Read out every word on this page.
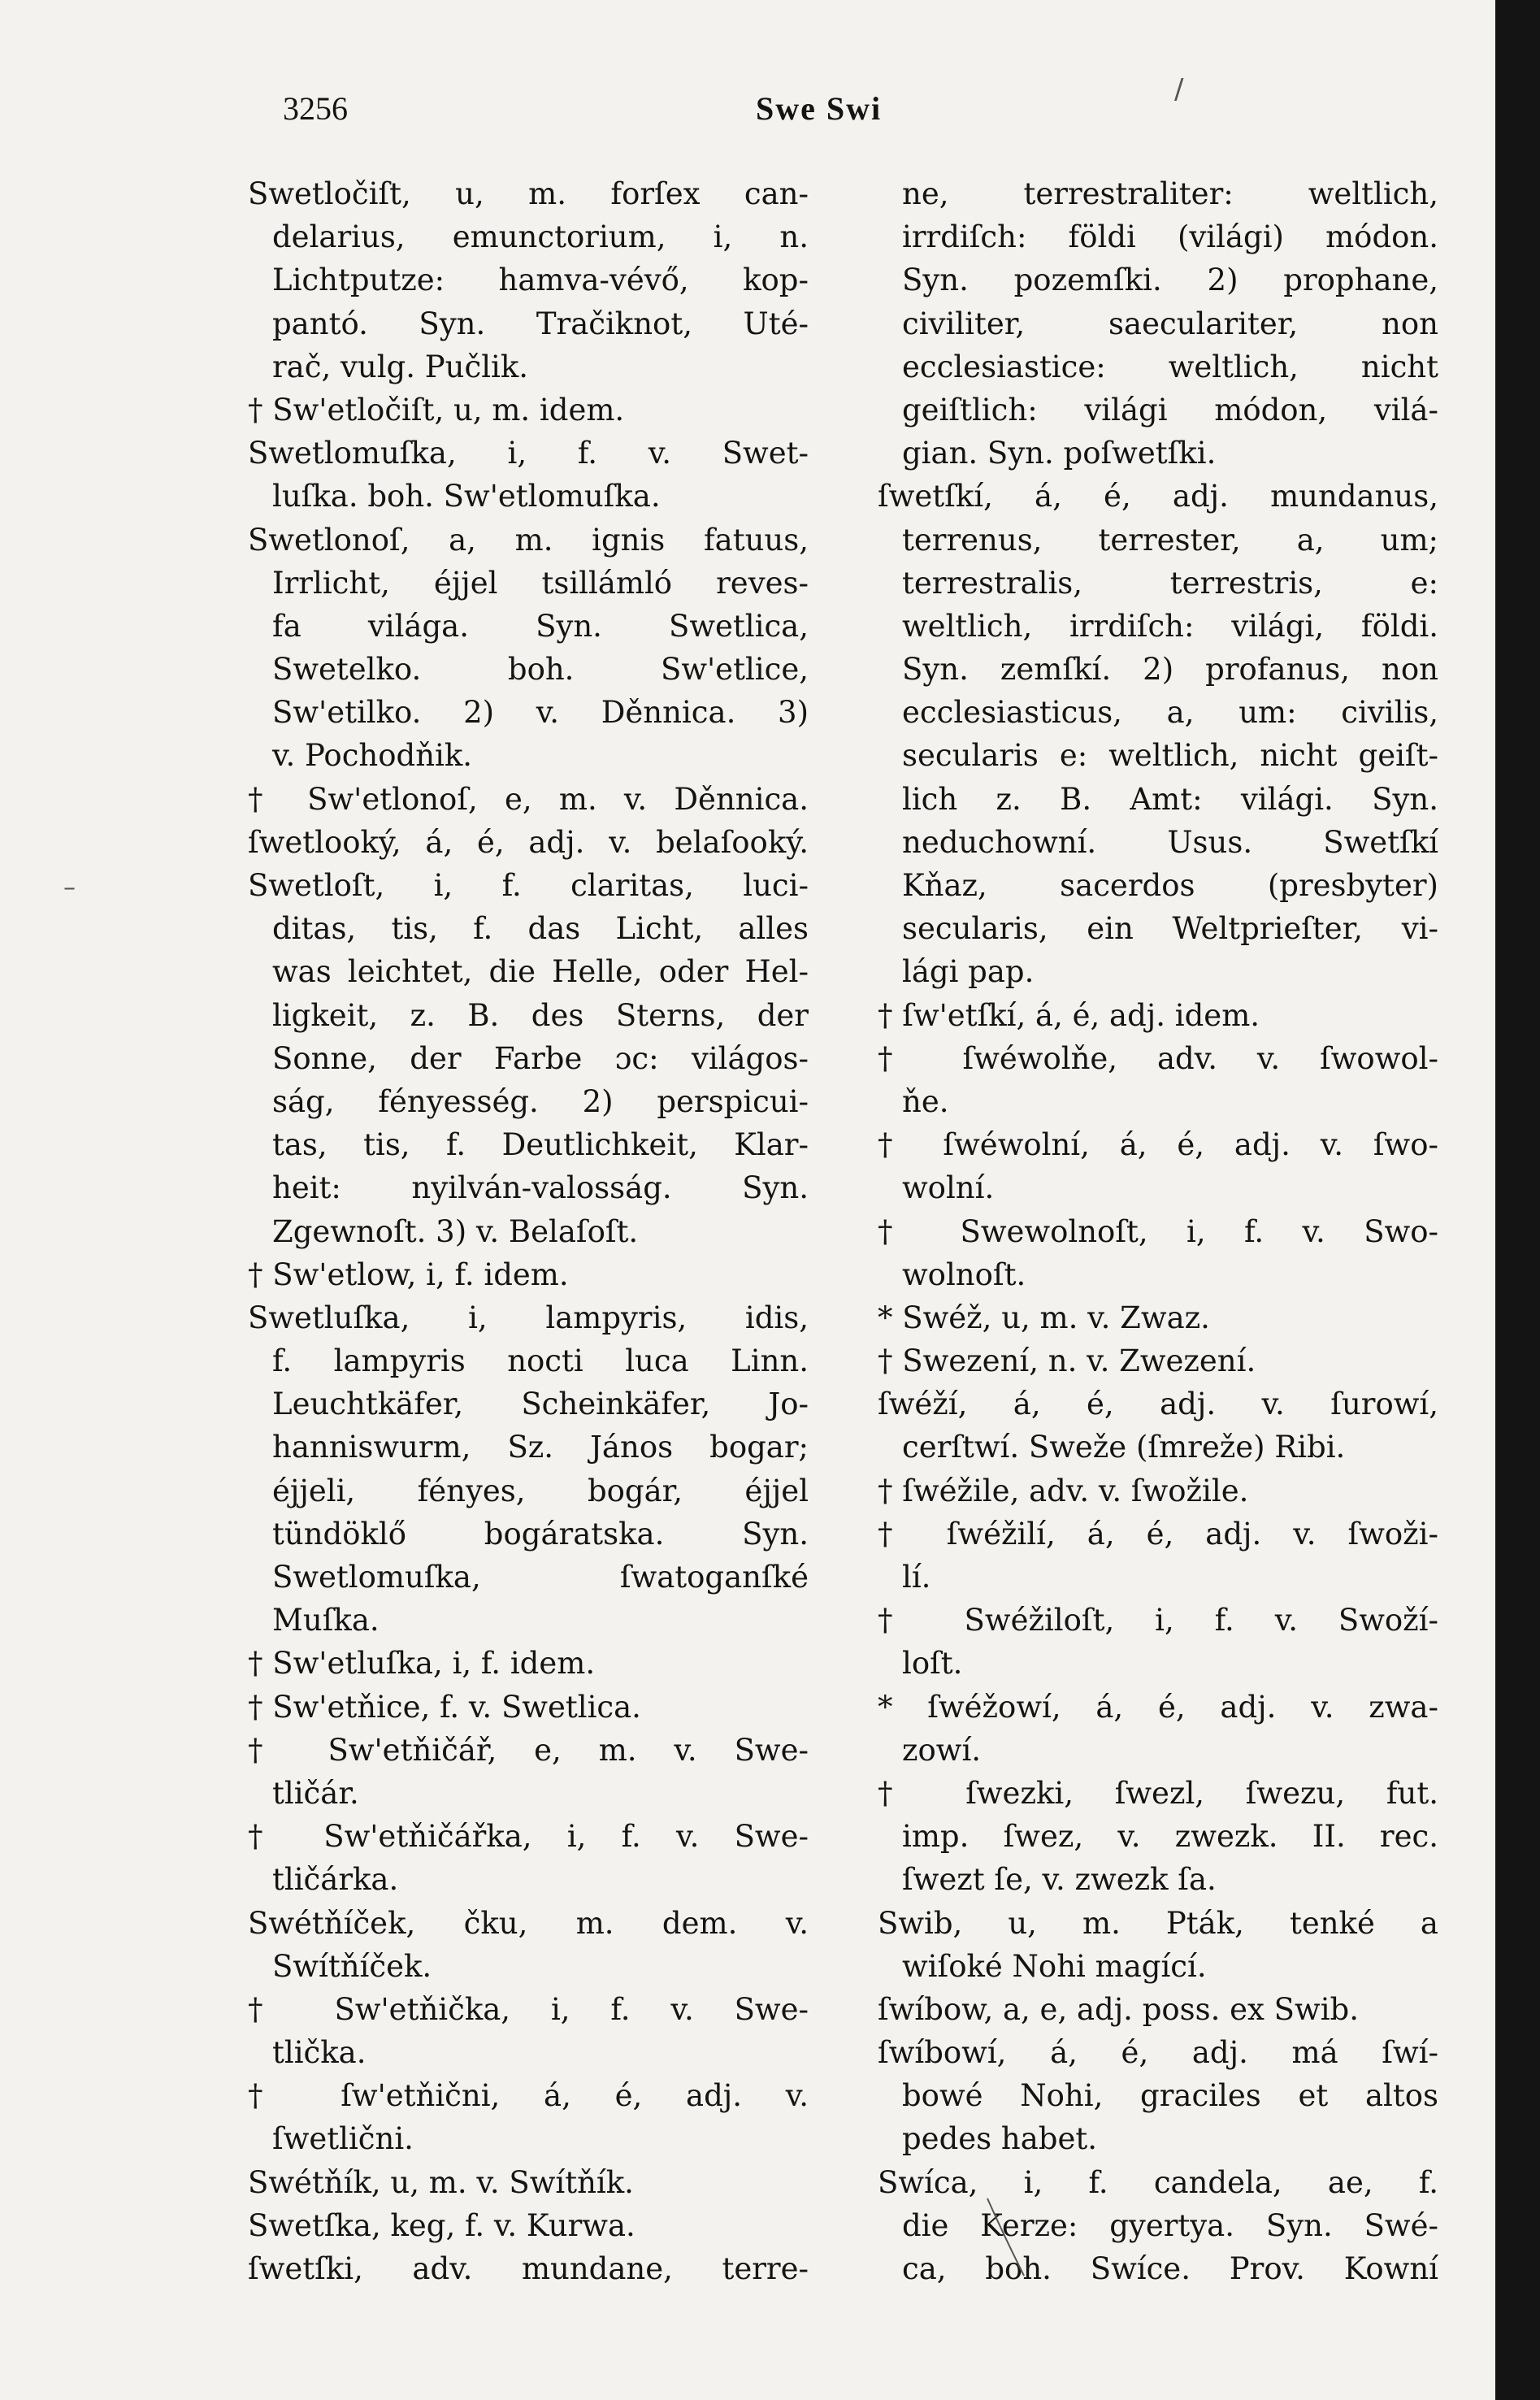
3256	Swe Swi
Swetločiſt, u, m. forſex can-
delarius, emunctorium, i, n.
Lichtputze: hamva-vévő, kop-
pantó. Syn. Tračiknot, Uté-
rač, vulg. Pučlik.
† Sw'etločiſt, u, m. idem.
Swetlomuſka, i, f. v. Swet-
luſka. boh. Sw'etlomuſka.
Swetlonoſ, a, m. ignis fatuus,
Irrlicht, éjjel tsillámló reves-
fa világa. Syn. Swetlica,
Swetelko. boh. Sw'etlice,
Sw'etilko. 2) v. Děnnica. 3)
v. Pochodňik.
† Sw'etlonoſ, e, m. v. Děnnica.
ſwetlooký, á, é, adj. v. belaſooký.
Swetloſt, i, f. claritas, luci-
ditas, tis, f. das Licht, alles
was leichtet, die Helle, oder Hel-
ligkeit, z. B. des Sterns, der
Sonne, der Farbe ɔc: világos-
ság, fényesség. 2) perspicui-
tas, tis, f. Deutlichkeit, Klar-
heit: nyilván-valosság. Syn.
Zgewnoſt. 3) v. Belaſoſt.
† Sw'etlow, i, f. idem.
Swetluſka, i, lampyris, idis,
f. lampyris nocti luca Linn.
Leuchtkäfer, Scheinkäfer, Jo-
hanniswurm, Sz. János bogar;
éjjeli, fényes, bogár, éjjel
tündöklő bogáratska. Syn.
Swetlomuſka, ſwatoganſké
Muſka.
† Sw'etluſka, i, f. idem.
† Sw'etňice, f. v. Swetlica.
† Sw'etňičář, e, m. v. Swe-
tličár.
† Sw'etňičářka, i, f. v. Swe-
tličárka.
Swétňíček, čku, m. dem. v.
Swítňíček.
† Sw'etňička, i, f. v. Swe-
tlička.
† ſw'etňični, á, é, adj. v.
ſwetlični.
Swétňík, u, m. v. Swítňík.
Swetſka, keg, f. v. Kurwa.
ſwetſki, adv. mundane, terre-
ne, terrestraliter: weltlich,
irrdiſch: földi (világi) módon.
Syn. pozemſki. 2) prophane,
civiliter, saeculariter, non
ecclesiastice: weltlich, nicht
geiſtlich: világi módon, vilá-
gian. Syn. poſwetſki.
ſwetſkí, á, é, adj. mundanus,
terrenus, terrester, a, um;
terrestralis, terrestris, e:
weltlich, irrdiſch: világi, földi.
Syn. zemſkí. 2) profanus, non
ecclesiasticus, a, um: civilis,
secularis e: weltlich, nicht geiſt-
lich z. B. Amt: világi. Syn.
neduchowní. Usus. Swetſkí
Kňaz, sacerdos (presbyter)
secularis, ein Weltprieſter, vi-
lági pap.
† ſw'etſkí, á, é, adj. idem.
† ſwéwolňe, adv. v. ſwowol-
ňe.
† ſwéwolní, á, é, adj. v. ſwo-
wolní.
† Swewolnoſt, i, f. v. Swo-
wolnoſt.
* Swéž, u, m. v. Zwaz.
† Swezení, n. v. Zwezení.
ſwéží, á, é, adj. v. ſurowí,
cerſtwí. Sweže (ſmreže) Ribi.
† ſwéžile, adv. v. ſwožile.
† ſwéžilí, á, é, adj. v. ſwoži-
lí.
† Swéžiloſt, i, f. v. Swoží-
loſt.
* ſwéžowí, á, é, adj. v. zwa-
zowí.
† ſwezki, ſwezl, ſwezu, fut.
imp. ſwez, v. zwezk. II. rec.
ſwezt ſe, v. zwezk ſa.
Swib, u, m. Pták, tenké a
wiſoké Nohi magící.
ſwíbow, a, e, adj. poss. ex Swib.
ſwíbowí, á, é, adj. má ſwí-
bowé Nohi, graciles et altos
pedes habet.
Swíca, i, f. candela, ae, f.
die Kerze: gyertya. Syn. Swé-
ca, boh. Swíce. Prov. Kowní
–
/
